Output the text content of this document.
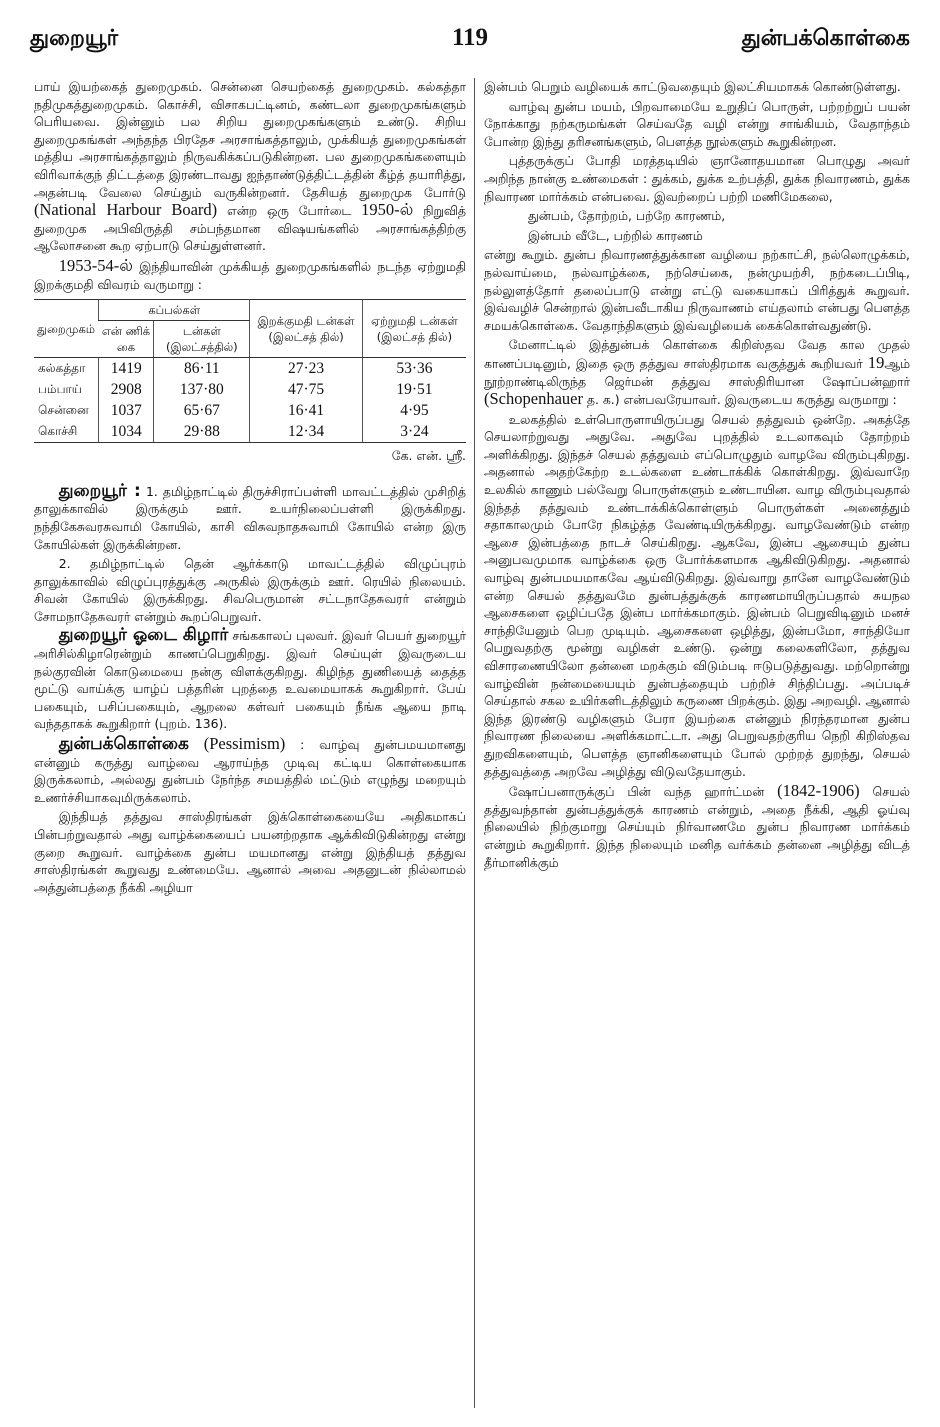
துறையூர்	119	துன்பக்கொள்கை

பாய் இயற்கைத் துறைமுகம். சென்னை செயற்கைத் துறைமுகம். கல்கத்தா நதிமுகத்துறைமுகம். கொச்சி, விசாகபட்டினம், கண்டலா துறைமுகங்களும் பெரியவை. இன்னும் பல சிறிய துறைமுகங்களும் உண்டு. சிறிய துறைமுகங்கள் அந்தந்த பிரதேச அரசாங்கத்தாலும், முக்கியத் துறைமுகங்கள் மத்திய அரசாங்கத்தாலும் நிருவகிக்கப்படுகின்றன. பல துறைமுகங்களையும் விரிவாக்குந் திட்டத்தை இரண்டாவது ஐந்தாண்டுத்திட்டத்தின் கீழ்த் தயாரித்து, அதன்படி வேலை செய்தும் வருகின்றனர். தேசியத் துறைமுக போர்டு (National Harbour Board) என்ற ஒரு போர்டை 1950-ல் நிறுவித் துறைமுக அபிவிருத்தி சம்பந்தமான விஷயங்களில் அரசாங்கத்திற்கு ஆலோசனை கூற ஏற்பாடு செய்துள்ளனர்.

1953-54-ல் இந்தியாவின் முக்கியத் துறைமுகங்களில் நடந்த ஏற்றுமதி இறக்குமதி விவரம் வருமாறு :

துறைமுகம்	கப்பல்கள்		இறக்குமதி டன்கள் (இலட்சத் தில்)	ஏற்றுமதி டன்கள் (இலட்சத் தில்)
	என் ணிக் கை	டன்கள் (இலட்சத்தில்)		
கல்கத்தா	1419	86·11	27·23	53·36
பம்பாய்	2908	137·80	47·75	19·51
சென்னை	1037	65·67	16·41	4·95
கொச்சி	1034	29·88	12·34	3·24
கே. என். ஸ்ரீ.

துறையூர் : 1. தமிழ்நாட்டில் திருச்சிராப்பள்ளி மாவட்டத்தில் முசிறித் தாலுக்காவில் இருக்கும் ஊர். உயர்நிலைப்பள்ளி இருக்கிறது. நந்திகேசுவரசுவாமி கோயில், காசி விசுவநாதசுவாமி கோயில் என்ற இரு கோயில்கள் இருக்கின்றன.

2. தமிழ்நாட்டில் தென் ஆர்க்காடு மாவட்டத்தில் விழுப்புரம் தாலுக்காவில் விழுப்புரத்துக்கு அருகில் இருக்கும் ஊர். ரெயில் நிலையம். சிவன் கோயில் இருக்கிறது. சிவபெருமான் சட்டநாதேசுவரர் என்றும் சோமநாதேசுவரர் என்றும் கூறப்பெறுவர்.

துறையூர் ஓடை கிழார் சங்ககாலப் புலவர். இவர் பெயர் துறையூர் அரிசில்கிழாரென்றும் காணப்பெறுகிறது. இவர் செய்யுள் இவருடைய நல்குரவின் கொடுமையை நன்கு விளக்குகிறது. கிழிந்த துணியைத் தைத்த மூட்டு வாய்க்கு யாழ்ப் பத்தரின் புறத்தை உவமையாகக் கூறுகிறார். பேய் பகையும், பசிப்பகையும், ஆறலை கள்வர் பகையும் நீங்க ஆயை நாடி வந்ததாகக் கூறுகிறார் (புறம். 136).

துன்பக்கொள்கை (Pessimism) : வாழ்வு துன்பமயமானது என்னும் கருத்து வாழ்வை ஆராய்ந்த முடிவு கட்டிய கொள்கையாக இருக்கலாம், அல்லது துன்பம் நேர்ந்த சமயத்தில் மட்டும் எழுந்து மறையும் உணர்ச்சியாகவுமிருக்கலாம்.

இந்தியத் தத்துவ சாஸ்திரங்கள் இக்கொள்கையையே அதிகமாகப் பின்பற்றுவதால் அது வாழ்க்கையைப் பயனற்றதாக ஆக்கிவிடுகின்றது என்று குறை கூறுவர். வாழ்க்கை துன்ப மயமானது என்று இந்தியத் தத்துவ சாஸ்திரங்கள் கூறுவது உண்மையே. ஆனால் அவை அதனுடன் நில்லாமல் அத்துன்பத்தை நீக்கி அழியா

இன்பம் பெறும் வழியைக் காட்டுவதையும் இலட்சியமாகக் கொண்டுள்ளது.

வாழ்வு துன்ப மயம், பிறவாமையே உறுதிப் பொருள், பற்றற்றுப் பயன் நோக்காது நற்கருமங்கள் செய்வதே வழி என்று சாங்கியம், வேதாந்தம் போன்ற இந்து தரிசனங்களும், பௌத்த நூல்களும் கூறுகின்றன.

புத்தருக்குப் போதி மரத்தடியில் ஞானோதயமான பொழுது அவர் அறிந்த நான்கு உண்மைகள் : துக்கம், துக்க உற்பத்தி, துக்க நிவாரணம், துக்க நிவாரண மார்க்கம் என்பவை. இவற்றைப் பற்றி மணிமேகலை,

துன்பம், தோற்றம், பற்றே காரணம்,
இன்பம் வீடே, பற்றில் காரணம்

என்று கூறும். துன்ப நிவாரணத்துக்கான வழியை நற்காட்சி, நல்லொழுக்கம், நல்வாய்மை, நல்வாழ்க்கை, நற்செய்கை, நன்முயற்சி, நற்கடைப்பிடி, நல்லுளத்தோர் தலைப்பாடு என்று எட்டு வகையாகப் பிரித்துக் கூறுவர். இவ்வழிச் சென்றால் இன்பவீடாகிய நிருவாணம் எய்தலாம் என்பது பௌத்த சமயக்கொள்கை. வேதாந்திகளும் இவ்வழியைக் கைக்கொள்வதுண்டு.

மேனாட்டில் இத்துன்பக் கொள்கை கிறிஸ்தவ வேத கால முதல் காணப்படினும், இதை ஒரு தத்துவ சாஸ்திரமாக வகுத்துக் கூறியவர் 19ஆம் நூற்றாண்டிலிருந்த ஜெர்மன் தத்துவ சாஸ்திரியான ஷோப்பன்ஹார் (Schopenhauer த. க.) என்பவரேயாவர். இவருடைய கருத்து வருமாறு :

உலகத்தில் உள்பொருளாயிருப்பது செயல் தத்துவம் ஒன்றே. அகத்தே செயலாற்றுவது அதுவே. அதுவே புறத்தில் உடலாகவும் தோற்றம் அளிக்கிறது. இந்தச் செயல் தத்துவம் எப்பொழுதும் வாழவே விரும்புகிறது. அதனால் அதற்கேற்ற உடல்களை உண்டாக்கிக் கொள்கிறது. இவ்வாறே உலகில் காணும் பல்வேறு பொருள்களும் உண்டாயின. வாழ விரும்புவதால் இந்தத் தத்துவம் உண்டாக்கிக்கொள்ளும் பொருள்கள் அனைத்தும் சதாகாலமும் போரே நிகழ்த்த வேண்டியிருக்கிறது. வாழவேண்டும் என்ற ஆசை இன்பத்தை நாடச் செய்கிறது. ஆகவே, இன்ப ஆசையும் துன்ப அனுபவமுமாக வாழ்க்கை ஒரு போர்க்களமாக ஆகிவிடுகிறது. அதனால் வாழ்வு துன்பமயமாகவே ஆய்விடுகிறது. இவ்வாறு தானே வாழவேண்டும் என்ற செயல் தத்துவமே துன்பத்துக்குக் காரணமாயிருப்பதால் சுயநல ஆசைகளை ஒழிப்பதே இன்ப மார்க்கமாகும். இன்பம் பெறுவிடினும் மனச் சாந்தியேனும் பெற முடியும். ஆசைகளை ஒழித்து, இன்பமோ, சாந்தியோ பெறுவதற்கு மூன்று வழிகள் உண்டு. ஒன்று கலைகளிலோ, தத்துவ விசாரணையிலோ தன்னை மறக்கும் விடும்படி ஈடுபடுத்துவது. மற்றொன்று வாழ்வின் நன்மையையும் துன்பத்தையும் பற்றிச் சிந்திப்பது. அப்படிச் செய்தால் சகல உயிர்களிடத்திலும் கருணை பிறக்கும். இது அறவழி. ஆனால் இந்த இரண்டு வழிகளும் பேரா இயற்கை என்னும் நிரந்தரமான துன்ப நிவாரண நிலையை அளிக்கமாட்டா. அது பெறுவதற்குரிய நெறி கிறிஸ்தவ துறவிகளையும், பௌத்த ஞானிகளையும் போல் முற்றத் துறந்து, செயல் தத்துவத்தை அறவே அழித்து விடுவதேயாகும்.

ஷோப்பனாருக்குப் பின் வந்த ஹார்ட்மன் (1842-1906) செயல் தத்துவந்தான் துன்பத்துக்குக் காரணம் என்றும், அதை நீக்கி, ஆதி ஓய்வு நிலையில் நிற்குமாறு செய்யும் நிர்வாணமே துன்ப நிவாரண மார்க்கம் என்றும் கூறுகிறார். இந்த நிலையும் மனித வர்க்கம் தன்னை அழித்து விடத் தீர்மானிக்கும்
